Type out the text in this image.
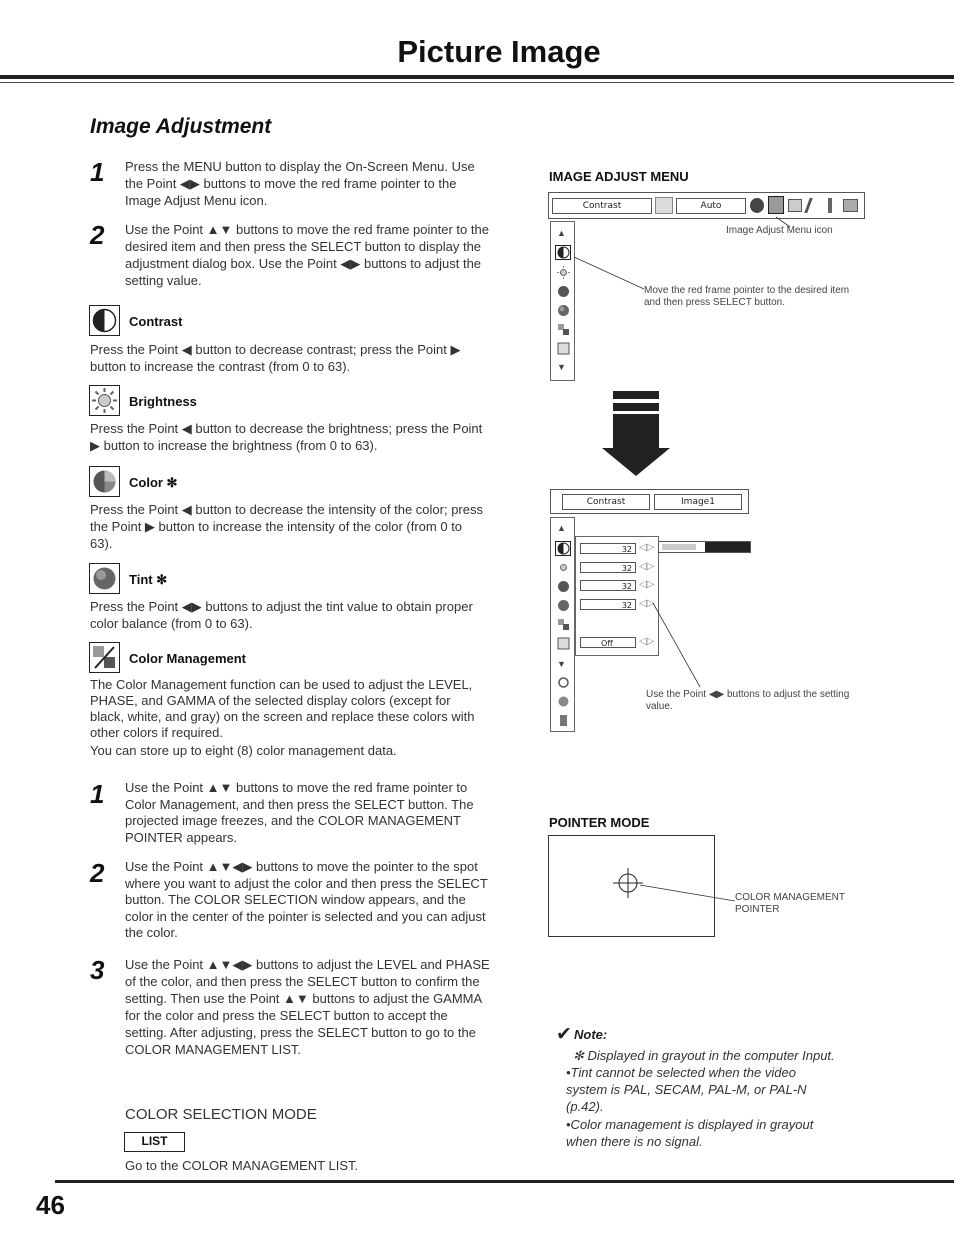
Picture Image
Image Adjustment
1	Press the MENU button to display the On-Screen Menu. Use the Point ◀▶ buttons to move the red frame pointer to the Image Adjust Menu icon.
2	Use the Point ▲▼ buttons to move the red frame pointer to the desired item and then press the SELECT button to display the adjustment dialog box. Use the Point ◀▶ buttons to adjust the setting value.
Contrast
Press the Point ◀ button to decrease contrast; press the Point ▶ button to increase the contrast (from 0 to 63).
Brightness
Press the Point ◀ button to decrease the brightness; press the Point ▶ button to increase the brightness (from 0 to 63).
Color ✻
Press the Point ◀ button to decrease the intensity of the color; press the Point ▶ button to increase the intensity of the color (from 0 to 63).
Tint ✻
Press the Point ◀▶ buttons to adjust the tint value to obtain proper color balance (from 0 to 63).
Color Management
The Color Management function can be used to adjust the LEVEL, PHASE, and GAMMA of the selected display colors (except for black, white, and gray) on the screen and replace these colors with other colors if required.
You can store up to eight (8) color management data.
1	Use the Point ▲▼ buttons to move the red frame pointer to Color Management, and then press the SELECT button. The projected image freezes, and the COLOR MANAGEMENT POINTER appears.
2	Use the Point ▲▼◀▶ buttons to move the pointer to the spot where you want to adjust the color and then press the SELECT button. The COLOR SELECTION window appears, and the color in the center of the pointer is selected and you can adjust the color.
3	Use the Point ▲▼◀▶ buttons to adjust the LEVEL and PHASE of the color, and then press the SELECT button to confirm the setting. Then use the Point ▲▼ buttons to adjust the GAMMA for the color and press the SELECT button to accept the setting. After adjusting, press the SELECT button to go to the COLOR MANAGEMENT LIST.
COLOR SELECTION MODE
LIST
Go to the COLOR MANAGEMENT LIST.
IMAGE ADJUST MENU
Contrast	Auto
▲
▼
Image Adjust Menu icon
Move the red frame pointer to the desired item and then press SELECT button.
Contrast	Image1
▲
▼
32 ◁▷
32 ◁▷
32 ◁▷
32 ◁▷
Off	◁▷
Use the Point ◀▶ buttons to adjust the setting value.
POINTER MODE
COLOR MANAGEMENT POINTER
✔ Note:
✻ Displayed in grayout in the computer Input.
•Tint cannot be selected when the video system is PAL, SECAM, PAL-M, or PAL-N (p.42).
•Color management is displayed in grayout when there is no signal.
46
